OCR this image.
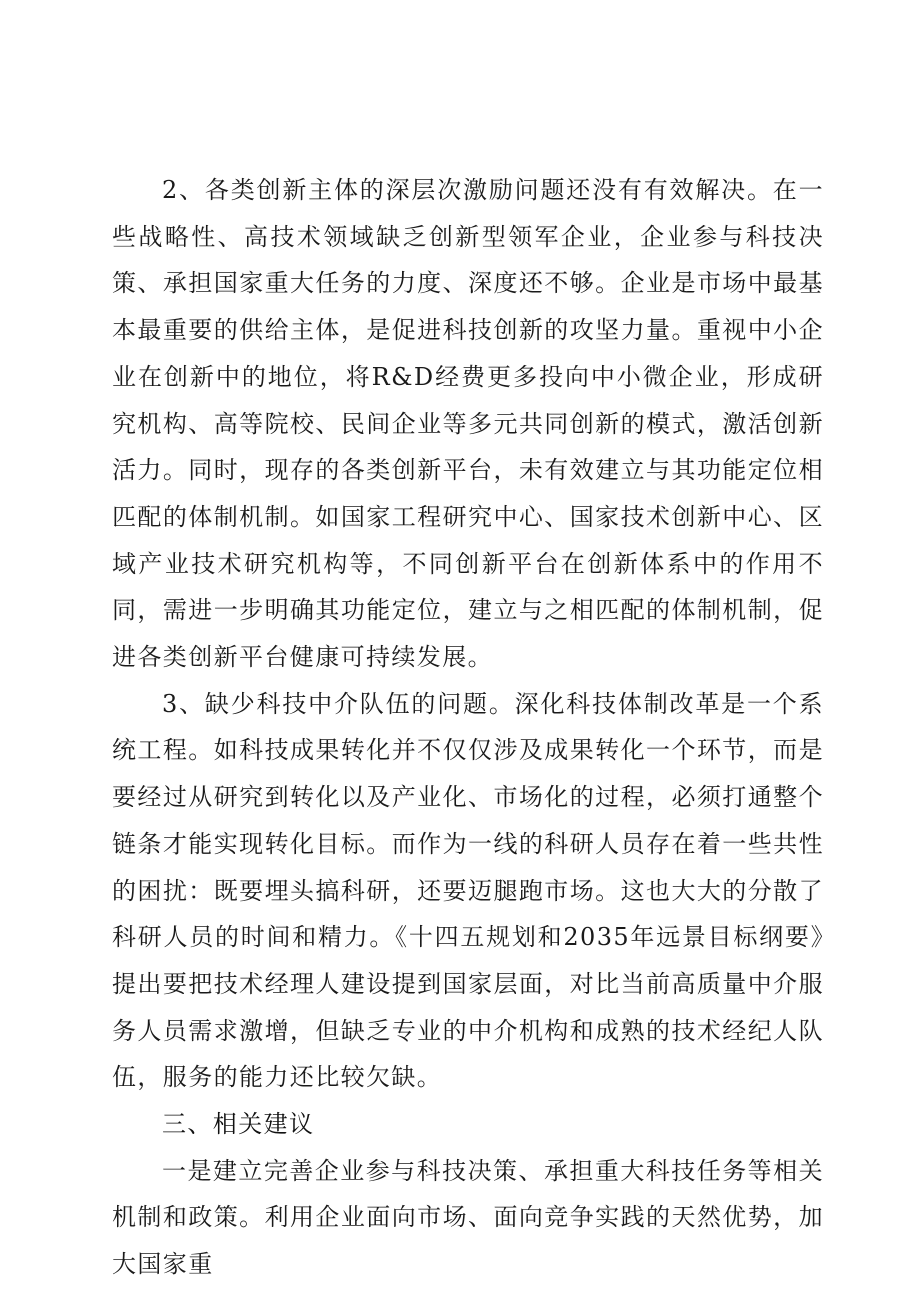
2、各类创新主体的深层次激励问题还没有有效解决。在一些战略性、高技术领域缺乏创新型领军企业，企业参与科技决策、承担国家重大任务的力度、深度还不够。企业是市场中最基本最重要的供给主体，是促进科技创新的攻坚力量。重视中小企业在创新中的地位，将R&D经费更多投向中小微企业，形成研究机构、高等院校、民间企业等多元共同创新的模式，激活创新活力。同时，现存的各类创新平台，未有效建立与其功能定位相匹配的体制机制。如国家工程研究中心、国家技术创新中心、区域产业技术研究机构等，不同创新平台在创新体系中的作用不同，需进一步明确其功能定位，建立与之相匹配的体制机制，促进各类创新平台健康可持续发展。

3、缺少科技中介队伍的问题。深化科技体制改革是一个系统工程。如科技成果转化并不仅仅涉及成果转化一个环节，而是要经过从研究到转化以及产业化、市场化的过程，必须打通整个链条才能实现转化目标。而作为一线的科研人员存在着一些共性的困扰：既要埋头搞科研，还要迈腿跑市场。这也大大的分散了科研人员的时间和精力。《十四五规划和2035年远景目标纲要》提出要把技术经理人建设提到国家层面，对比当前高质量中介服务人员需求激增，但缺乏专业的中介机构和成熟的技术经纪人队伍，服务的能力还比较欠缺。

三、相关建议

一是建立完善企业参与科技决策、承担重大科技任务等相关机制和政策。利用企业面向市场、面向竞争实践的天然优势，加大国家重
